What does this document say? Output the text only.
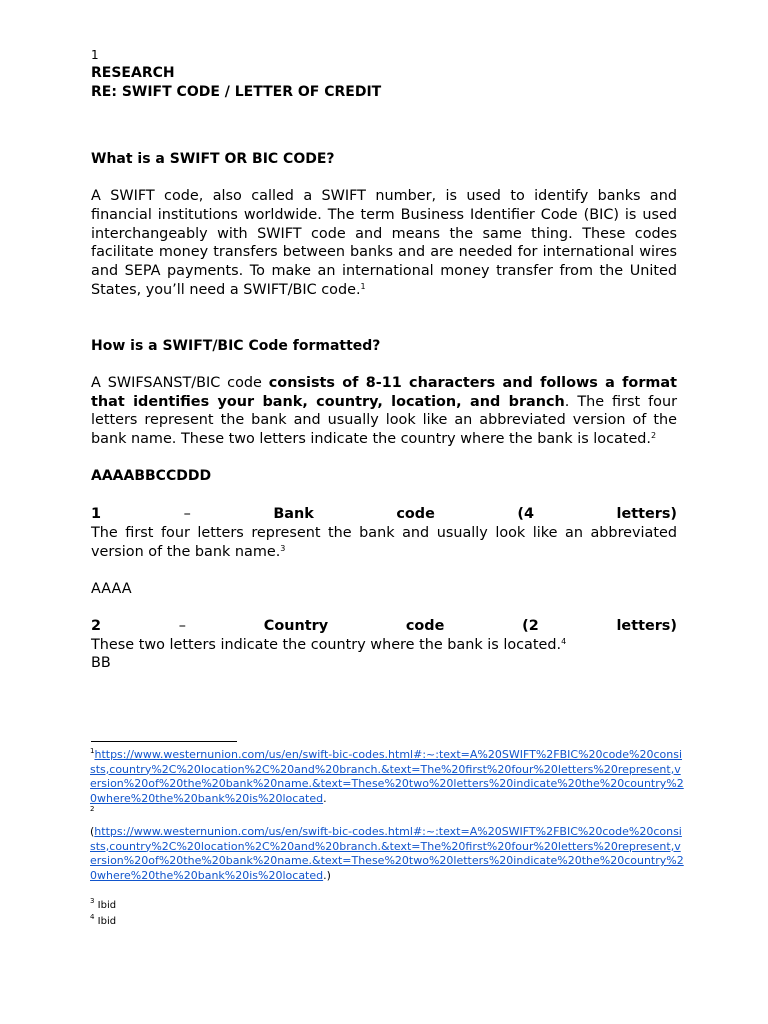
1
RESEARCH
RE: SWIFT CODE / LETTER OF CREDIT
What is a SWIFT OR BIC CODE?

A SWIFT code, also called a SWIFT number, is used to identify banks and financial institutions worldwide. The term Business Identifier Code (BIC) is used interchangeably with SWIFT code and means the same thing. These codes facilitate money transfers between banks and are needed for international wires and SEPA payments. To make an international money transfer from the United States, you’ll need a SWIFT/BIC code.$^1$

How is a SWIFT/BIC Code formatted?

A SWIFSANST/BIC code consists of 8-11 characters and follows a format that identifies your bank, country, location, and branch. The first four letters represent the bank and usually look like an abbreviated version of the bank name. These two letters indicate the country where the bank is located.$^2$

AAAABBCCDDD
1	–	Bank	code	(4	letters)

The first four letters represent the bank and usually look like an abbreviated version of the bank name.$^3$

AAAA
2	–	Country	code	(2	letters)

These two letters indicate the country where the bank is located.$^4$

BB
$^1$https://www.westernunion.com/us/en/swift-bic-codes.html#:~:text=A%20SWIFT%2FBIC%20code%20consists,country%2C%20location%2C%20and%20branch.&text=The%20first%20four%20letters%20represent,version%20of%20the%20bank%20name.&text=These%20two%20letters%20indicate%20the%20country%20where%20the%20bank%20is%20located.
$^2$
(https://www.westernunion.com/us/en/swift-bic-codes.html#:~:text=A%20SWIFT%2FBIC%20code%20consists,country%2C%20location%2C%20and%20branch.&text=The%20first%20four%20letters%20represent,version%20of%20the%20bank%20name.&text=These%20two%20letters%20indicate%20the%20country%20where%20the%20bank%20is%20located.)
$^3$ Ibid
$^4$ Ibid
